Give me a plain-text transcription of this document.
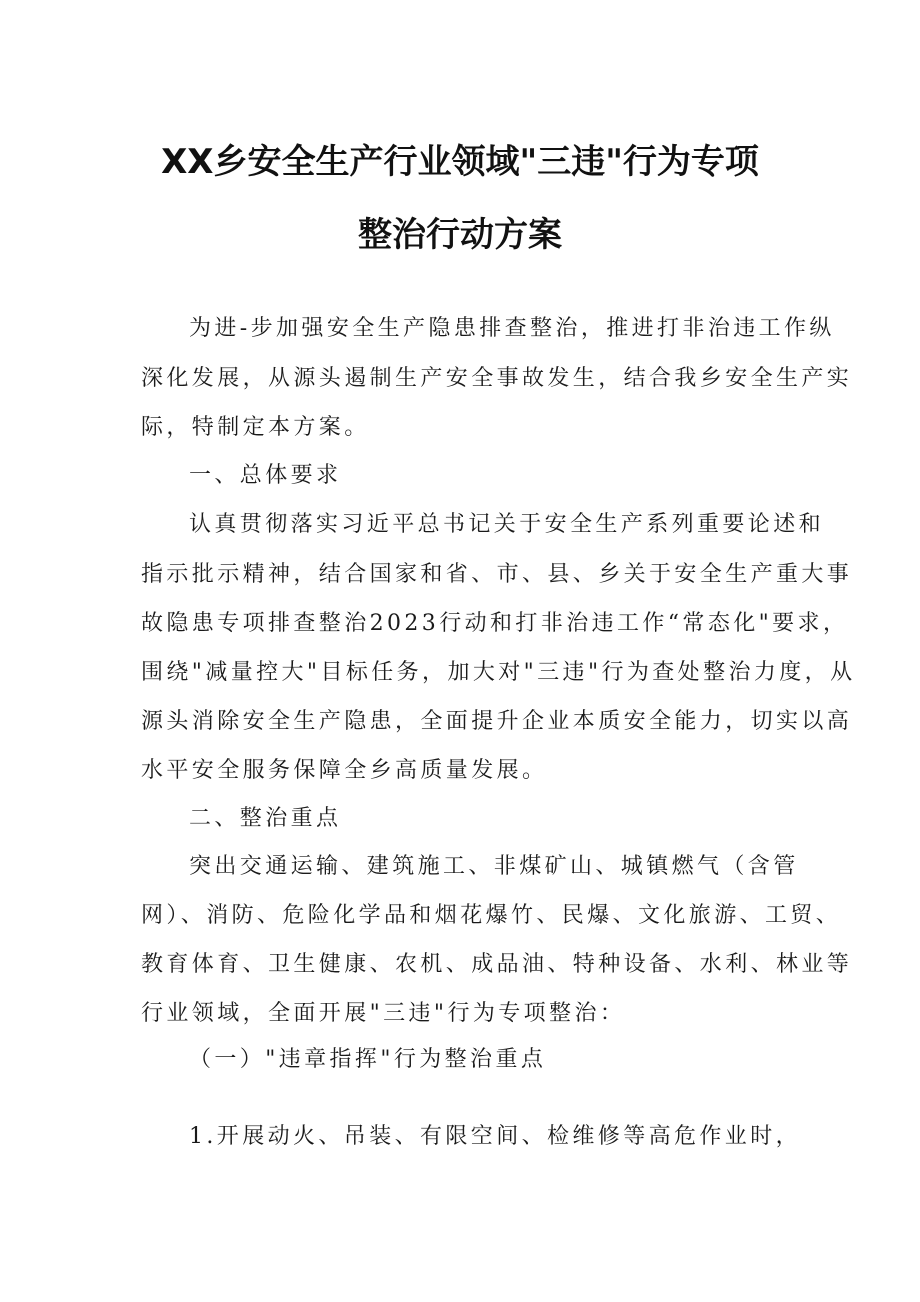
XX乡安全生产行业领域"三违"行为专项
整治行动方案
为进-步加强安全生产隐患排查整治，推进打非治违工作纵
深化发展，从源头遏制生产安全事故发生，结合我乡安全生产实
际，特制定本方案。
一、总体要求
认真贯彻落实习近平总书记关于安全生产系列重要论述和
指示批示精神，结合国家和省、市、县、乡关于安全生产重大事
故隐患专项排查整治2023行动和打非治违工作“常态化"要求，
围绕"减量控大"目标任务，加大对"三违"行为查处整治力度，从
源头消除安全生产隐患，全面提升企业本质安全能力，切实以高
水平安全服务保障全乡高质量发展。
二、整治重点
突出交通运输、建筑施工、非煤矿山、城镇燃气（含管
网）、消防、危险化学品和烟花爆竹、民爆、文化旅游、工贸、
教育体育、卫生健康、农机、成品油、特种设备、水利、林业等
行业领域，全面开展"三违"行为专项整治：
（一）"违章指挥"行为整治重点
1.开展动火、吊装、有限空间、检维修等高危作业时，
